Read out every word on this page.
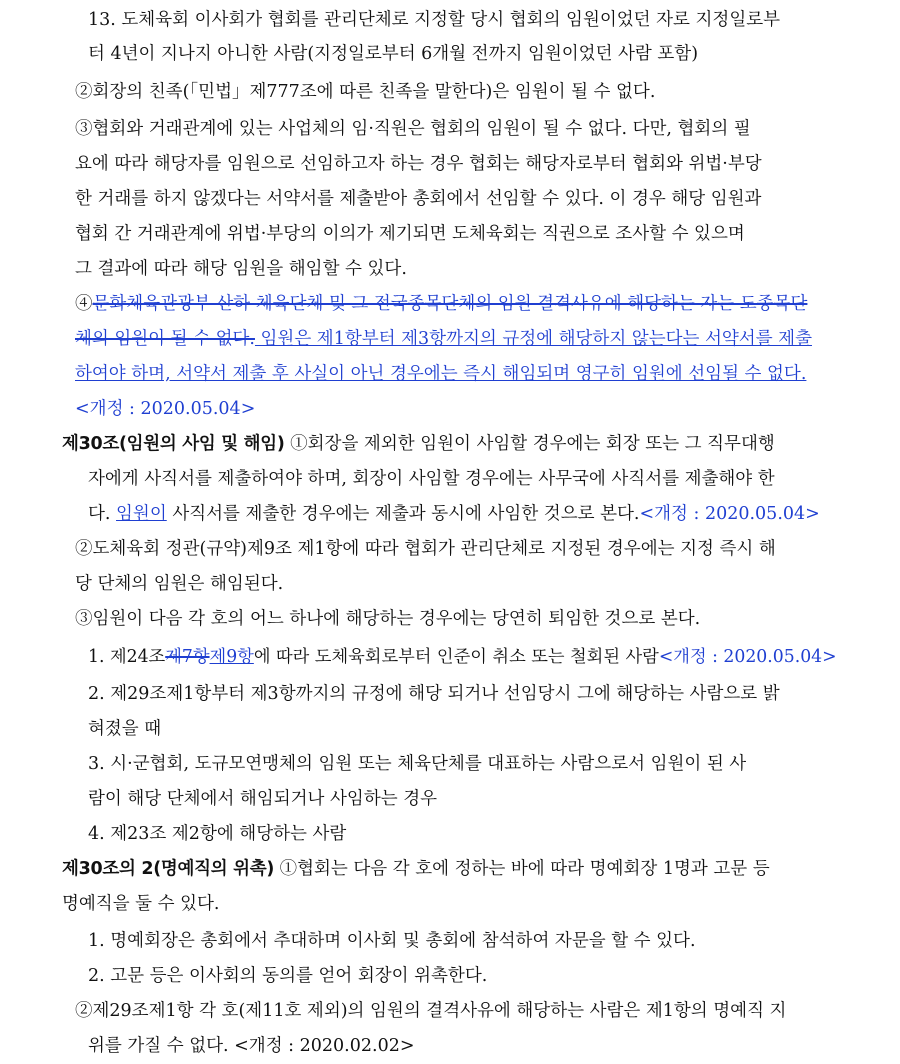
13. 도체육회 이사회가 협회를 관리단체로 지정할 당시 협회의 임원이었던 자로 지정일로부
터 4년이 지나지 아니한 사람(지정일로부터 6개월 전까지 임원이었던 사람 포함)
②회장의 친족(「민법」제777조에 따른 친족을 말한다)은 임원이 될 수 없다.
③협회와 거래관계에 있는 사업체의 임·직원은 협회의 임원이 될 수 없다. 다만, 협회의 필
요에 따라 해당자를 임원으로 선임하고자 하는 경우 협회는 해당자로부터 협회와 위법·부당
한 거래를 하지 않겠다는 서약서를 제출받아 총회에서 선임할 수 있다. 이 경우 해당 임원과
협회 간 거래관계에 위법·부당의 이의가 제기되면 도체육회는 직권으로 조사할 수 있으며
그 결과에 따라 해당 임원을 해임할 수 있다.
④문화체육관광부 산하 체육단체 및 그 전국종목단체의 임원 결격사유에 해당하는 자는 도종목단
체의 임원이 될 수 없다. 임원은 제1항부터 제3항까지의 규정에 해당하지 않는다는 서약서를 제출
하여야 하며, 서약서 제출 후 사실이 아닌 경우에는 즉시 해임되며 영구히 임원에 선임될 수 없다.
<개정 : 2020.05.04>
제30조(임원의 사임 및 해임) ①회장을 제외한 임원이 사임할 경우에는 회장 또는 그 직무대행
자에게 사직서를 제출하여야 하며, 회장이 사임할 경우에는 사무국에 사직서를 제출해야 한
다. 임원이 사직서를 제출한 경우에는 제출과 동시에 사임한 것으로 본다.<개정 : 2020.05.04>
②도체육회 정관(규약)제9조 제1항에 따라 협회가 관리단체로 지정된 경우에는 지정 즉시 해
당 단체의 임원은 해임된다.
③임원이 다음 각 호의 어느 하나에 해당하는 경우에는 당연히 퇴임한 것으로 본다.
1. 제24조제7항제9항에 따라 도체육회로부터 인준이 취소 또는 철회된 사람<개정 : 2020.05.04>
2. 제29조제1항부터 제3항까지의 규정에 해당 되거나 선임당시 그에 해당하는 사람으로 밝
혀졌을 때
3. 시·군협회, 도규모연맹체의 임원 또는 체육단체를 대표하는 사람으로서 임원이 된 사
람이 해당 단체에서 해임되거나 사임하는 경우
4. 제23조 제2항에 해당하는 사람
제30조의 2(명예직의 위촉) ①협회는 다음 각 호에 정하는 바에 따라 명예회장 1명과 고문 등
명예직을 둘 수 있다.
1. 명예회장은 총회에서 추대하며 이사회 및 총회에 참석하여 자문을 할 수 있다.
2. 고문 등은 이사회의 동의를 얻어 회장이 위촉한다.
②제29조제1항 각 호(제11호 제외)의 임원의 결격사유에 해당하는 사람은 제1항의 명예직 지
위를 가질 수 없다. <개정 : 2020.02.02>
